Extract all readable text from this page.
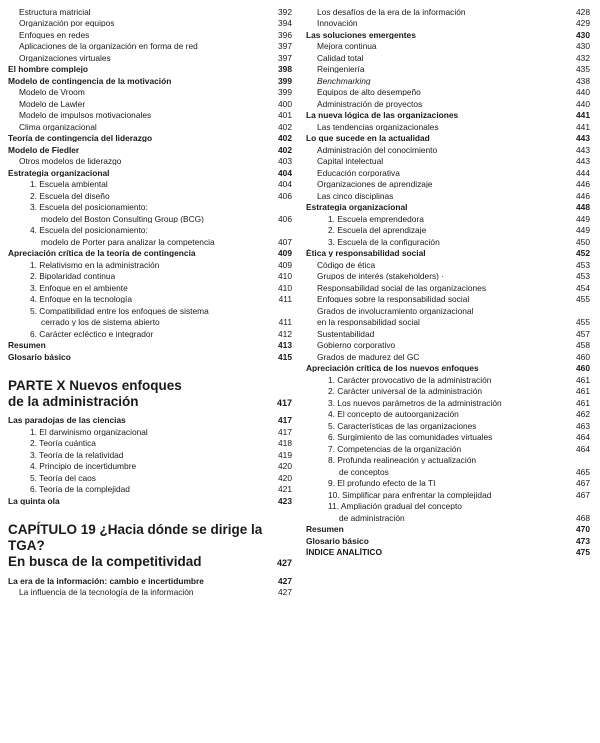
Estructura matricial	392
Organización por equipos	394
Enfoques en redes	396
Aplicaciones de la organización en forma de red	397
Organizaciones virtuales	397
El hombre complejo	398
Modelo de contingencia de la motivación	399
Modelo de Vroom	399
Modelo de Lawler	400
Modelo de impulsos motivacionales	401
Clima organizacional	402
Teoría de contingencia del liderazgo	402
Modelo de Fiedler	402
Otros modelos de liderazgo	403
Estrategia organizacional	404
1. Escuela ambiental	404
2. Escuela del diseño	406
3. Escuela del posicionamiento:
modelo del Boston Consulting Group (BCG)	406
4. Escuela del posicionamiento:
modelo de Porter para analizar la competencia	407
Apreciación crítica de la teoría de contingencia	409
1. Relativismo en la administración	409
2. Bipolaridad continua	410
3. Enfoque en el ambiente	410
4. Enfoque en la tecnología	411
5. Compatibilidad entre los enfoques de sistema
cerrado y los de sistema abierto	411
6. Carácter ecléctico e integrador	412
Resumen	413
Glosario básico	415
PARTE X Nuevos enfoques
de la administración	417
Las paradojas de las ciencias	417
1. El darwinismo organizacional	417
2. Teoría cuántica	418
3. Teoría de la relatividad	419
4. Principio de incertidumbre	420
5. Teoría del caos	420
6. Teoría de la complejidad	421
La quinta ola	423
CAPÍTULO 19 ¿Hacia dónde se dirige la TGA?
En busca de la competitividad	427
La era de la información: cambio e incertidumbre	427
La influencia de la tecnología de la información	427
Los desafíos de la era de la información	428
Innovación	429
Las soluciones emergentes	430
Mejora continua	430
Calidad total	432
Reingeniería	435
Benchmarking	438
Equipos de alto desempeño	440
Administración de proyectos	440
La nueva lógica de las organizaciones	441
Las tendencias organizacionales	441
Lo que sucede en la actualidad	443
Administración del conocimiento	443
Capital intelectual	443
Educación corporativa	444
Organizaciones de aprendizaje	446
Las cinco disciplinas	446
Estrategia organizacional	448
1. Escuela emprendedora	449
2. Escuela del aprendizaje	449
3. Escuela de la configuración	450
Ética y responsabilidad social	452
Código de ética	453
Grupos de interés (stakeholders) ·	453
Responsabilidad social de las organizaciones	454
Enfoques sobre la responsabilidad social	455
Grados de involucramiento organizacional
en la responsabilidad social	455
Sustentabilidad	457
Gobierno corporativo	458
Grados de madurez del GC	460
Apreciación crítica de los nuevos enfoques	460
1. Carácter provocativo de la administración	461
2. Carácter universal de la administración	461
3. Los nuevos parámetros de la administración	461
4. El concepto de autoorganización	462
5. Características de las organizaciones	463
6. Surgimiento de las comunidades virtuales	464
7. Competencias de la organización	464
8. Profunda realineación y actualización
de conceptos	465
9. El profundo efecto de la TI	467
10. Simplificar para enfrentar la complejidad	467
11. Ampliación gradual del concepto
de administración	468
Resumen	470
Glosario básico	473
ÍNDICE ANALÍTICO	475
